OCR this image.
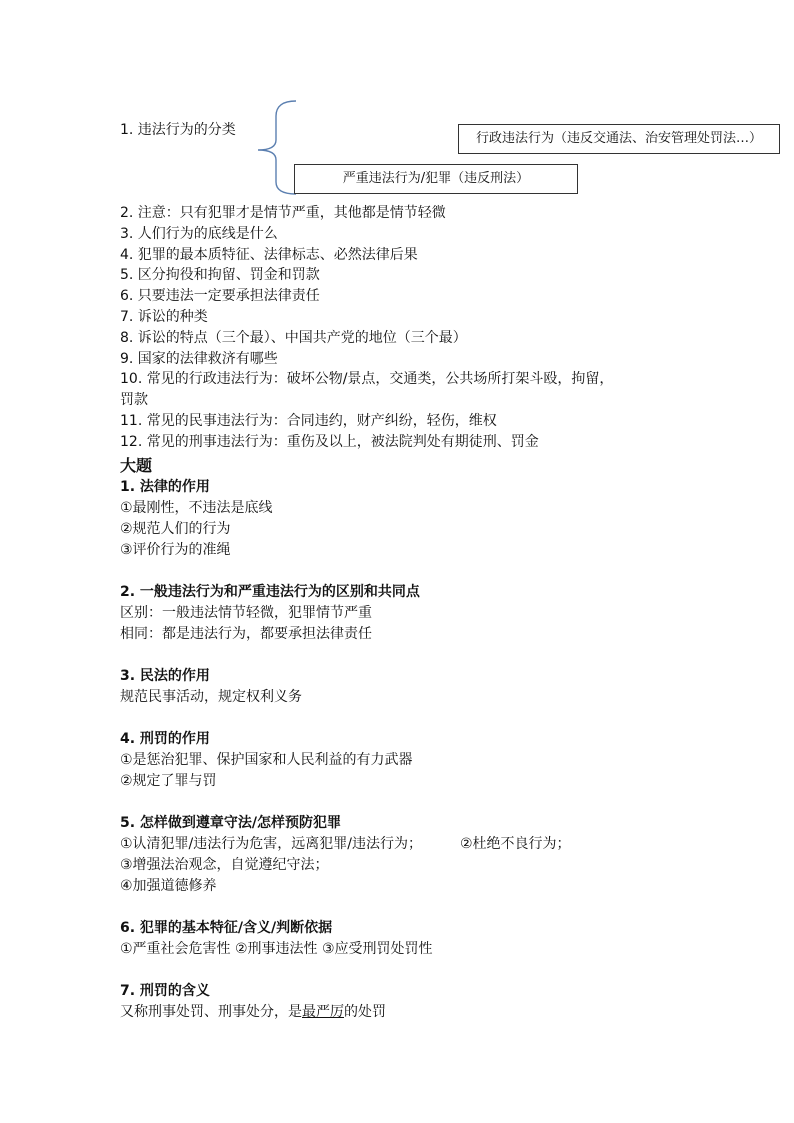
1. 违法行为的分类
行政违法行为（违反交通法、治安管理处罚法…）
严重违法行为/犯罪（违反刑法）
2. 注意：只有犯罪才是情节严重，其他都是情节轻微
3. 人们行为的底线是什么
4. 犯罪的最本质特征、法律标志、必然法律后果
5. 区分拘役和拘留、罚金和罚款
6. 只要违法一定要承担法律责任
7. 诉讼的种类
8. 诉讼的特点（三个最）、中国共产党的地位（三个最）
9. 国家的法律救济有哪些
10. 常见的行政违法行为：破坏公物/景点，交通类，公共场所打架斗殴，拘留，
罚款
11. 常见的民事违法行为：合同违约，财产纠纷，轻伤，维权
12. 常见的刑事违法行为：重伤及以上，被法院判处有期徒刑、罚金
大题
1. 法律的作用
①最刚性，不违法是底线
②规范人们的行为
③评价行为的准绳
2. 一般违法行为和严重违法行为的区别和共同点
区别：一般违法情节轻微，犯罪情节严重
相同：都是违法行为，都要承担法律责任
3. 民法的作用
规范民事活动，规定权利义务
4. 刑罚的作用
①是惩治犯罪、保护国家和人民利益的有力武器
②规定了罪与罚
5. 怎样做到遵章守法/怎样预防犯罪
①认清犯罪/违法行为危害，远离犯罪/违法行为；	②杜绝不良行为；
③增强法治观念，自觉遵纪守法；
④加强道德修养
6. 犯罪的基本特征/含义/判断依据
①严重社会危害性 ②刑事违法性 ③应受刑罚处罚性
7. 刑罚的含义
又称刑事处罚、刑事处分，是最严厉的处罚
